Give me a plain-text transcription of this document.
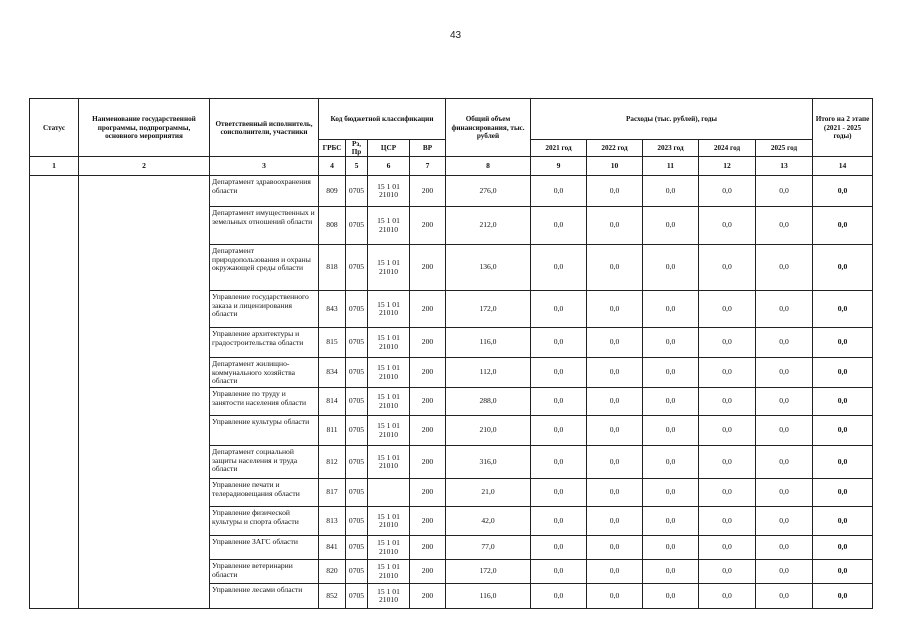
43
Статус	Наименование государственной программы, подпрограммы, основного мероприятия	Ответственный исполнитель, соисполнители, участники	Код бюджетной классификации				Общий объем финансирования, тыс. рублей	Расходы (тыс. рублей), годы					Итого на 2 этапе (2021 - 2025 годы)
			ГРБС	Рз, Пр	ЦСР	ВР		2021 год	2022 год	2023 год	2024 год	2025 год	
1	2	3	4	5	6	7	8	9	10	11	12	13	14
		Департамент здравоохранения области	809	0705	15 1 01 21010	200	276,0	0,0	0,0	0,0	0,0	0,0	0,0
		Департамент имущественных и земельных отношений области	808	0705	15 1 01 21010	200	212,0	0,0	0,0	0,0	0,0	0,0	0,0
		Департамент природопользования и охраны окружающей среды области	818	0705	15 1 01 21010	200	136,0	0,0	0,0	0,0	0,0	0,0	0,0
		Управление государственного заказа и лицензирования области	843	0705	15 1 01 21010	200	172,0	0,0	0,0	0,0	0,0	0,0	0,0
		Управление архитектуры и градостроительства области	815	0705	15 1 01 21010	200	116,0	0,0	0,0	0,0	0,0	0,0	0,0
		Департамент жилищно-коммунального хозяйства области	834	0705	15 1 01 21010	200	112,0	0,0	0,0	0,0	0,0	0,0	0,0
		Управление по труду и занятости населения области	814	0705	15 1 01 21010	200	288,0	0,0	0,0	0,0	0,0	0,0	0,0
		Управление культуры области	811	0705	15 1 01 21010	200	210,0	0,0	0,0	0,0	0,0	0,0	0,0
		Департамент социальной защиты населения и труда области	812	0705	15 1 01 21010	200	316,0	0,0	0,0	0,0	0,0	0,0	0,0
		Управление печати и телерадиовещания области	817	0705		200	21,0	0,0	0,0	0,0	0,0	0,0	0,0
		Управление физической культуры и спорта области	813	0705	15 1 01 21010	200	42,0	0,0	0,0	0,0	0,0	0,0	0,0
		Управление ЗАГС области	841	0705	15 1 01 21010	200	77,0	0,0	0,0	0,0	0,0	0,0	0,0
		Управление ветеринарии области	820	0705	15 1 01 21010	200	172,0	0,0	0,0	0,0	0,0	0,0	0,0
		Управление лесами области	852	0705	15 1 01 21010	200	116,0	0,0	0,0	0,0	0,0	0,0	0,0
